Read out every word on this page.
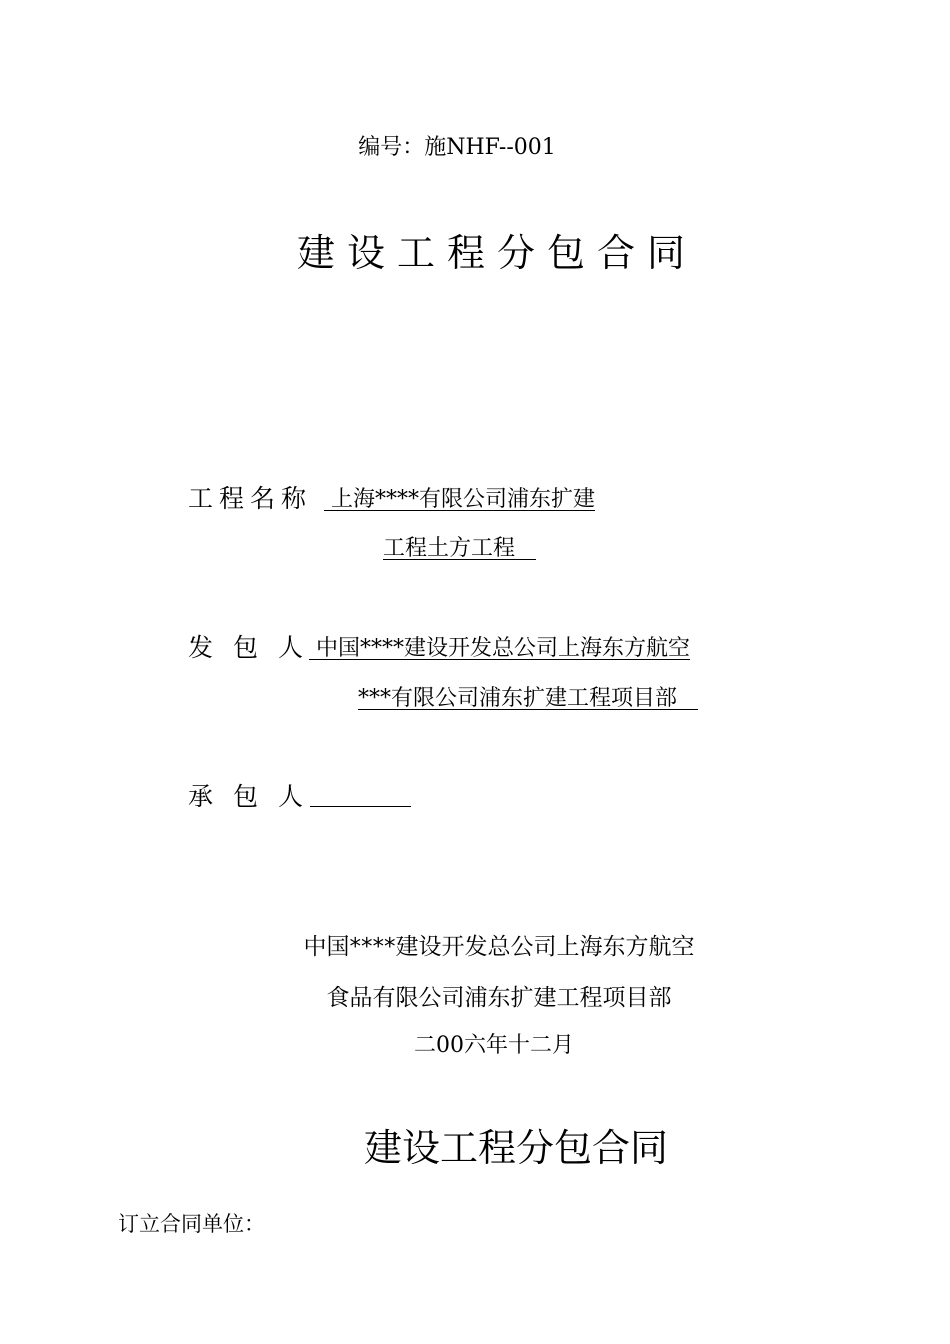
编号：施NHF--001
建设工程分包合同
工程名称 上海****有限公司浦东扩建
工程土方工程
发包人
中国****建设开发总公司上海东方航空
***有限公司浦东扩建工程项目部
承包人
中国****建设开发总公司上海东方航空
食品有限公司浦东扩建工程项目部
二00六年十二月
建设工程分包合同
订立合同单位：
